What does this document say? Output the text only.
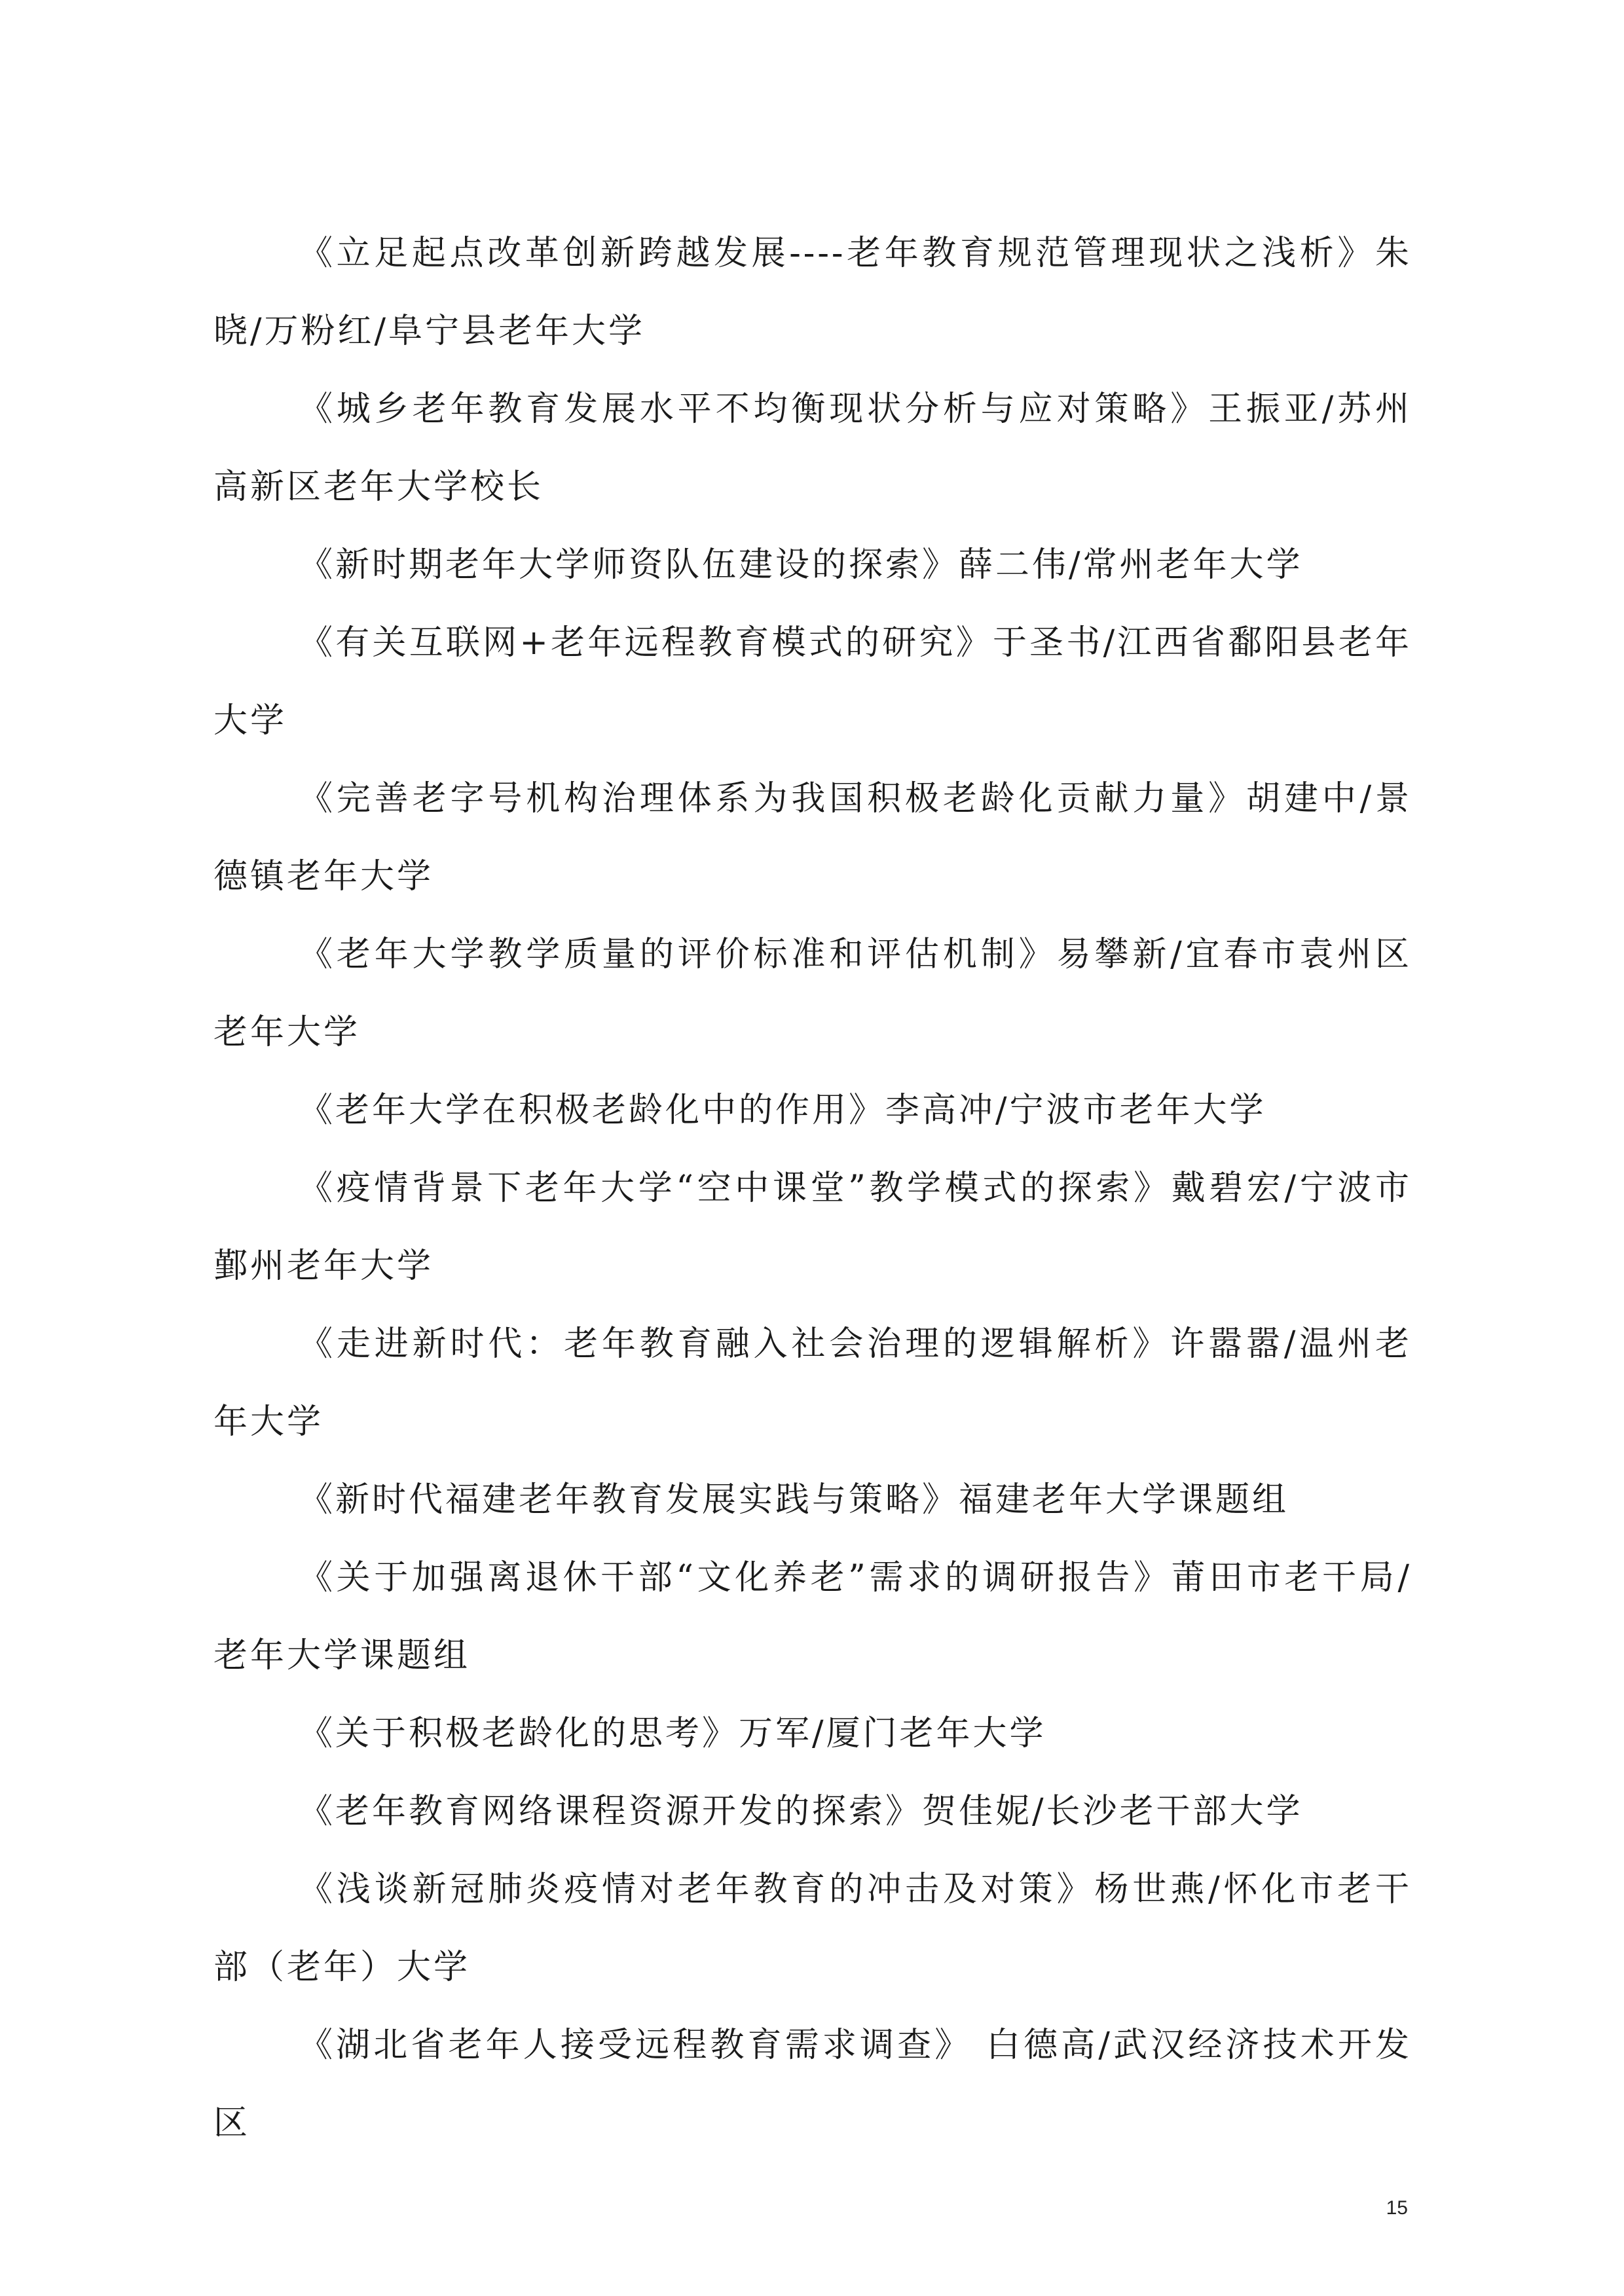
《立足起点改革创新跨越发展----老年教育规范管理现状之浅析》朱晓/万粉红/阜宁县老年大学

《城乡老年教育发展水平不均衡现状分析与应对策略》王振亚/苏州高新区老年大学校长

《新时期老年大学师资队伍建设的探索》薛二伟/常州老年大学

《有关互联网+老年远程教育模式的研究》于圣书/江西省鄱阳县老年大学

《完善老字号机构治理体系为我国积极老龄化贡献力量》胡建中/景德镇老年大学

《老年大学教学质量的评价标准和评估机制》易攀新/宜春市袁州区老年大学

《老年大学在积极老龄化中的作用》李高冲/宁波市老年大学

《疫情背景下老年大学“空中课堂”教学模式的探索》戴碧宏/宁波市鄞州老年大学

《走进新时代：老年教育融入社会治理的逻辑解析》许嚣嚣/温州老年大学

《新时代福建老年教育发展实践与策略》福建老年大学课题组

《关于加强离退休干部“文化养老”需求的调研报告》莆田市老干局/老年大学课题组

《关于积极老龄化的思考》万军/厦门老年大学

《老年教育网络课程资源开发的探索》贺佳妮/长沙老干部大学

《浅谈新冠肺炎疫情对老年教育的冲击及对策》杨世燕/怀化市老干部（老年）大学

《湖北省老年人接受远程教育需求调查》 白德高/武汉经济技术开发区

15
